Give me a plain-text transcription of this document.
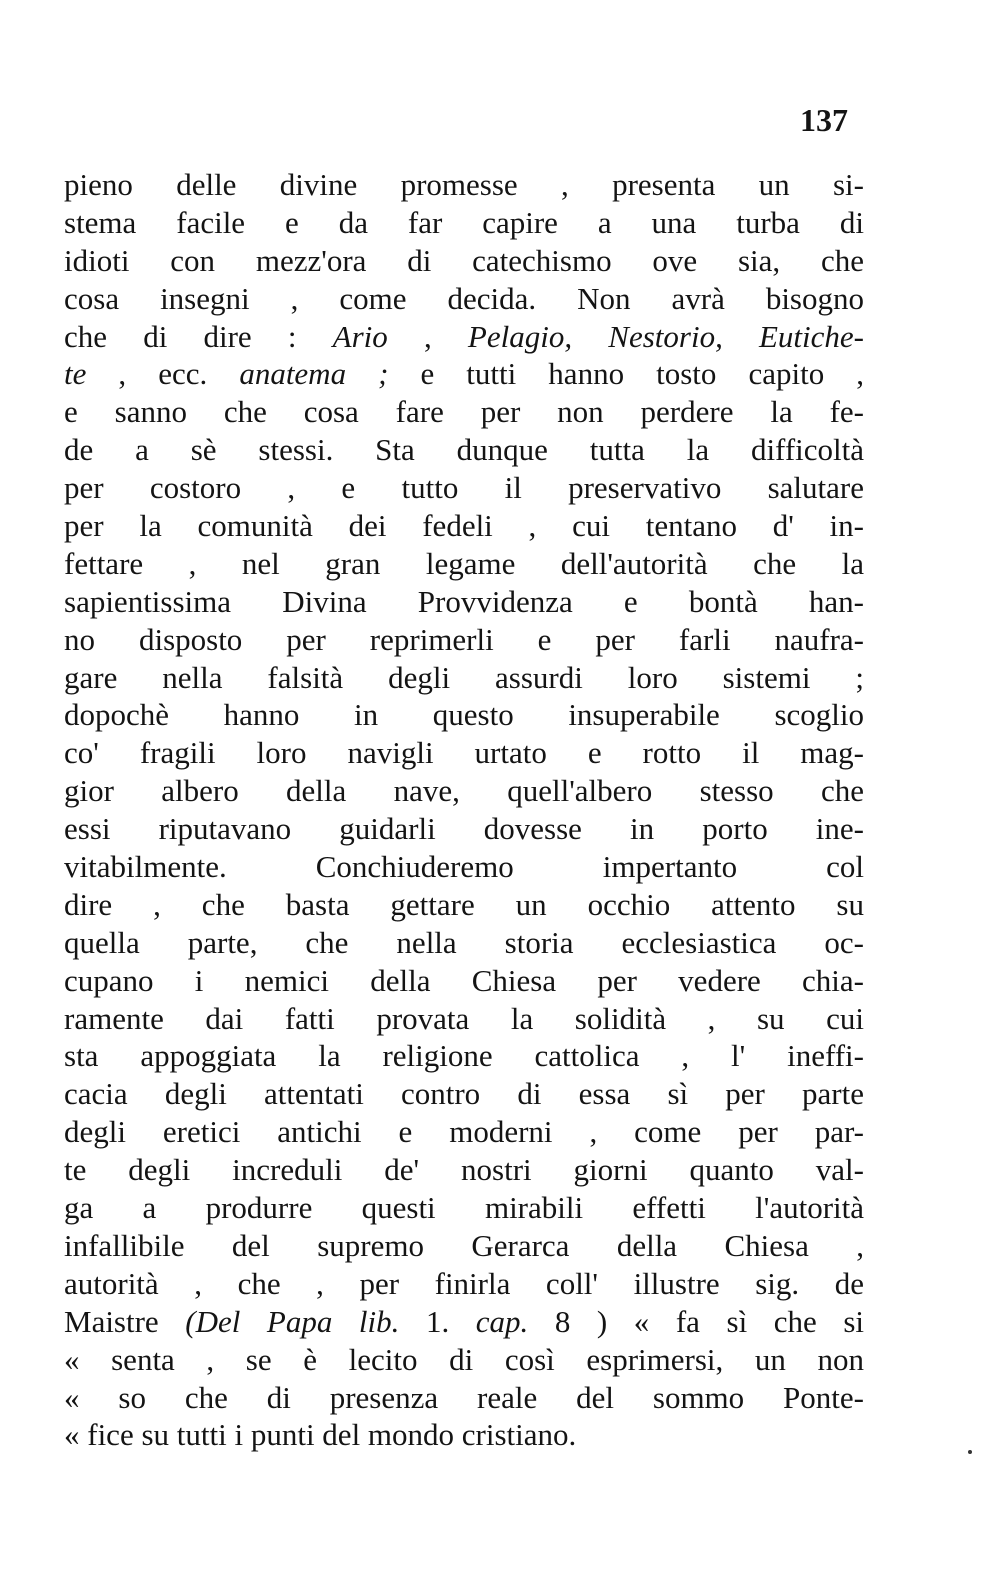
137
pieno delle divine promesse , presenta un si-
stema facile e da far capire a una turba di
idioti con mezz'ora di catechismo ove sia, che
cosa insegni , come decida. Non avrà bisogno
che di dire : Ario , Pelagio, Nestorio, Eutiche-
te , ecc. anatema ; e tutti hanno tosto capito ,
e sanno che cosa fare per non perdere la fe-
de a sè stessi. Sta dunque tutta la difficoltà
per costoro , e tutto il preservativo salutare
per la comunità dei fedeli , cui tentano d' in-
fettare , nel gran legame dell'autorità che la
sapientissima Divina Provvidenza e bontà han-
no disposto per reprimerli e per farli naufra-
gare nella falsità degli assurdi loro sistemi ;
dopochè hanno in questo insuperabile scoglio
co' fragili loro navigli urtato e rotto il mag-
gior albero della nave, quell'albero stesso che
essi riputavano guidarli dovesse in porto ine-
vitabilmente. Conchiuderemo impertanto col
dire , che basta gettare un occhio attento su
quella parte, che nella storia ecclesiastica oc-
cupano i nemici della Chiesa per vedere chia-
ramente dai fatti provata la solidità , su cui
sta appoggiata la religione cattolica , l' ineffi-
cacia degli attentati contro di essa sì per parte
degli eretici antichi e moderni , come per par-
te degli increduli de' nostri giorni quanto val-
ga a produrre questi mirabili effetti l'autorità
infallibile del supremo Gerarca della Chiesa ,
autorità , che , per finirla coll' illustre sig. de
Maistre (Del Papa lib. 1. cap. 8 ) « fa sì che si
« senta , se è lecito di così esprimersi, un non
« so che di presenza reale del sommo Ponte-
« fice su tutti i punti del mondo cristiano.
